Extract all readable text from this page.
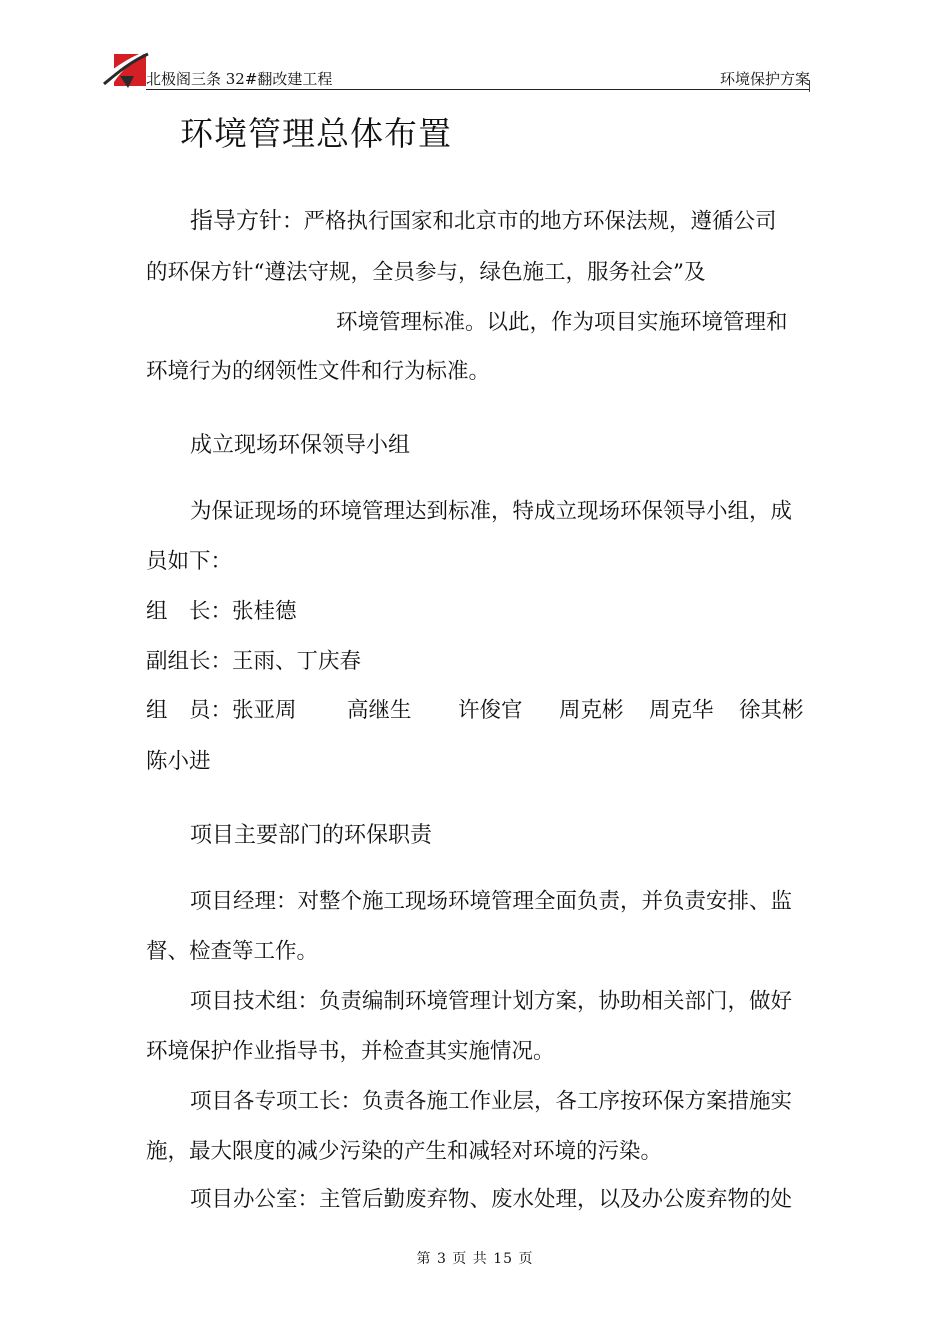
北极阁三条 32#翻改建工程	环境保护方案
环境管理总体布置
指导方针：严格执行国家和北京市的地方环保法规，遵循公司
的环保方针“遵法守规，全员参与，绿色施工，服务社会”及
环境管理标准。以此，作为项目实施环境管理和
环境行为的纲领性文件和行为标准。
成立现场环保领导小组
为保证现场的环境管理达到标准，特成立现场环保领导小组，成
员如下：
组　长：张桂德
副组长：王雨、丁庆春
组　员：张亚周 高继生 许俊官 周克彬 周克华 徐其彬
陈小进
项目主要部门的环保职责
项目经理：对整个施工现场环境管理全面负责，并负责安排、监
督、检查等工作。
项目技术组：负责编制环境管理计划方案，协助相关部门，做好
环境保护作业指导书，并检查其实施情况。
项目各专项工长：负责各施工作业层，各工序按环保方案措施实
施，最大限度的减少污染的产生和减轻对环境的污染。
项目办公室：主管后勤废弃物、废水处理，以及办公废弃物的处
第 3 页 共 15 页
